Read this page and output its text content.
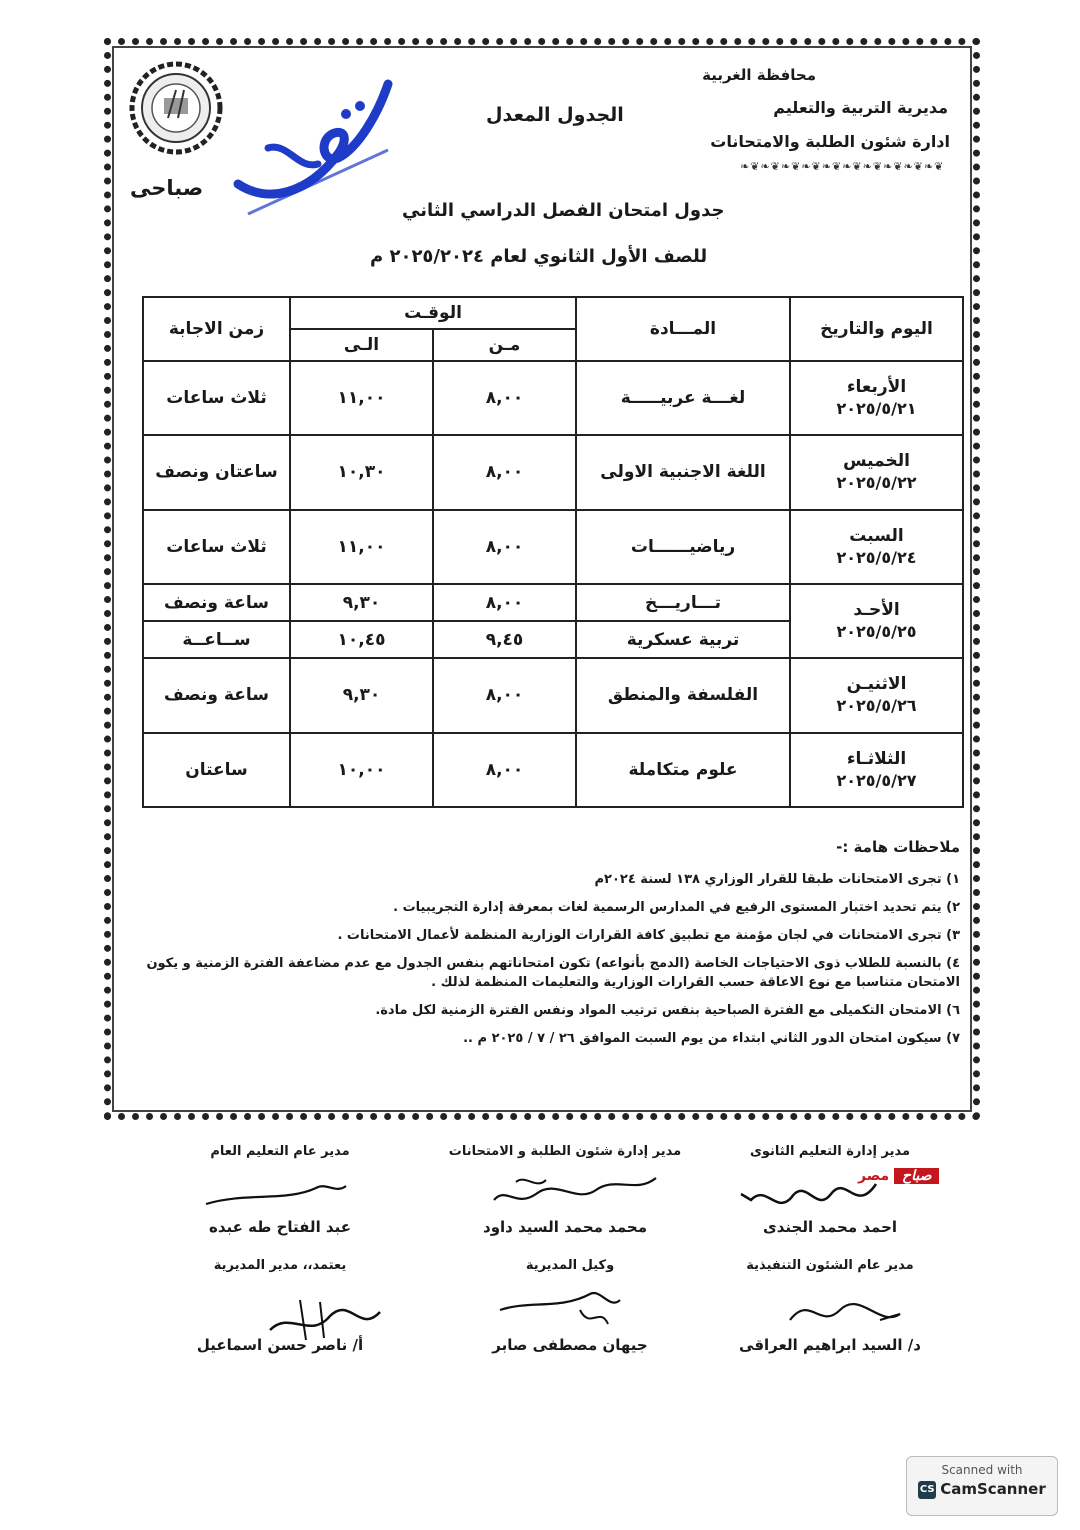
محافظة الغربية
مديرية التربية والتعليم
ادارة شئون الطلبة والامتحانات
❧❦❧❦❧❦❧❦❧❦❧❦❧❦❧❦❧❦❧❦
الجدول المعدل
صباحى
جدول امتحان الفصل الدراسي الثاني
للصف الأول الثانوي لعام ٢٠٢٥/٢٠٢٤ م
اليوم والتاريخ	المـــادة	الوقـت		زمن الاجابة
		مـن	الـى	

الأربعاء
٢٠٢٥/٥/٢١	لغـــة عربيـــــة	٨,٠٠	١١,٠٠	ثلاث ساعات

الخميس
٢٠٢٥/٥/٢٢	اللغة الاجنبية الاولى	٨,٠٠	١٠,٣٠	ساعتان ونصف

السبت
٢٠٢٥/٥/٢٤	رياضيــــــات	٨,٠٠	١١,٠٠	ثلاث ساعات

الأحـد
٢٠٢٥/٥/٢٥	تـــاريـــخ	٨,٠٠	٩,٣٠	ساعة ونصف
	تربية عسكرية	٩,٤٥	١٠,٤٥	ســاعــة

الاثنيـن
٢٠٢٥/٥/٢٦	الفلسفة والمنطق	٨,٠٠	٩,٣٠	ساعة ونصف

الثلاثـاء
٢٠٢٥/٥/٢٧	علوم متكاملة	٨,٠٠	١٠,٠٠	ساعتان
ملاحظات هامة :-
١) تجرى الامتحانات طبقا للقرار الوزاري ١٣٨ لسنة ٢٠٢٤م
٢) يتم تحديد اختبار المستوى الرفيع في المدارس الرسمية لغات بمعرفة إدارة التجريبيات .
٣) تجرى الامتحانات في لجان مؤمنة مع تطبيق كافة القرارات الوزارية المنظمة لأعمال الامتحانات .
٤) بالنسبة للطلاب ذوى الاحتياجات الخاصة (الدمج بأنواعه) تكون امتحاناتهم بنفس الجدول مع عدم مضاعفة الفترة الزمنية و يكون الامتحان متناسبا مع نوع الاعاقة حسب القرارات الوزارية والتعليمات المنظمة لذلك .
٦) الامتحان التكميلى مع الفترة الصباحية بنفس ترتيب المواد ونفس الفترة الزمنية لكل مادة.
٧) سيكون امتحان الدور الثاني ابتداء من يوم السبت الموافق ٢٦ / ٧ / ٢٠٢٥ م ..
مدير إدارة التعليم الثانوى
احمد محمد الجندى
مدير إدارة شئون الطلبة و الامتحانات
محمد محمد السيد داود
مدير عام التعليم العام
عبد الفتاح طه عبده
مدير عام الشئون التنفيذية
د/ السيد ابراهيم العراقى
وكيل المديرية
جيهان مصطفى صابر
يعتمد،، مدير المديرية
أ/ ناصر حسن اسماعيل
صباح مصر
Scanned with
CS CamScanner
